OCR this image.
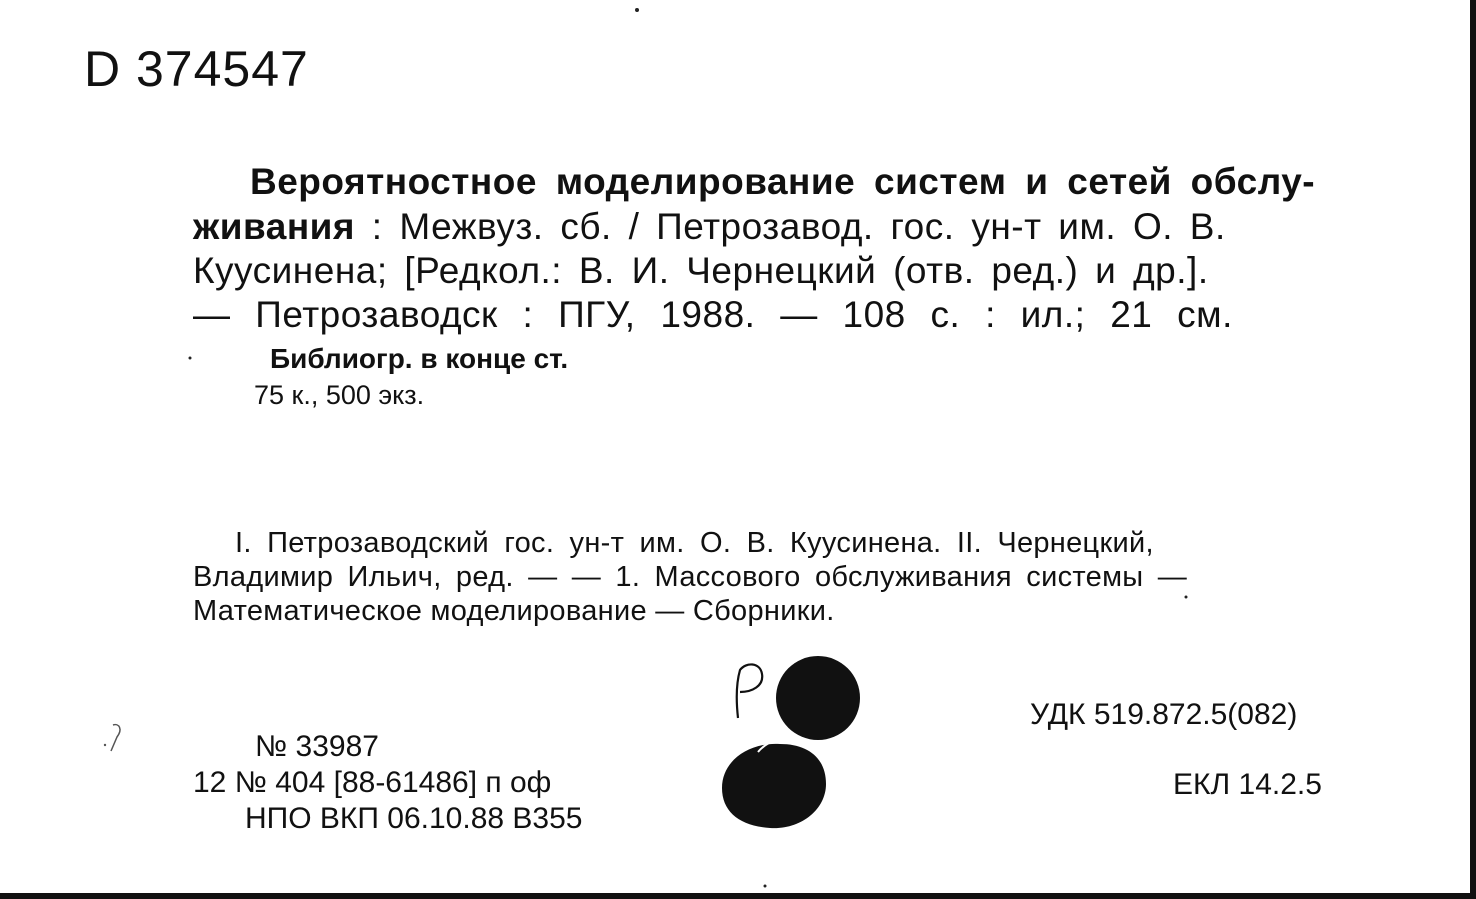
D 374547
Вероятностное моделирование систем и сетей обслу-
живания : Межвуз. сб. / Петрозавод. гос. ун-т им. О. В.
Куусинена; [Редкол.: В. И. Чернецкий (отв. ред.) и др.].
— Петрозаводск : ПГУ, 1988. — 108 с. : ил.; 21 см.
Библиогр. в конце ст.
75 к., 500 экз.
I. Петрозаводский гос. ун-т им. О. В. Куусинена. II. Чернецкий,
Владимир Ильич, ред. — — 1. Массового обслуживания системы —
Математическое моделирование — Сборники.
УДК 519.872.5(082)
ЕКЛ 14.2.5
№ 33987
12 № 404 [88-61486] п оф
НПО ВКП 06.10.88 В355
